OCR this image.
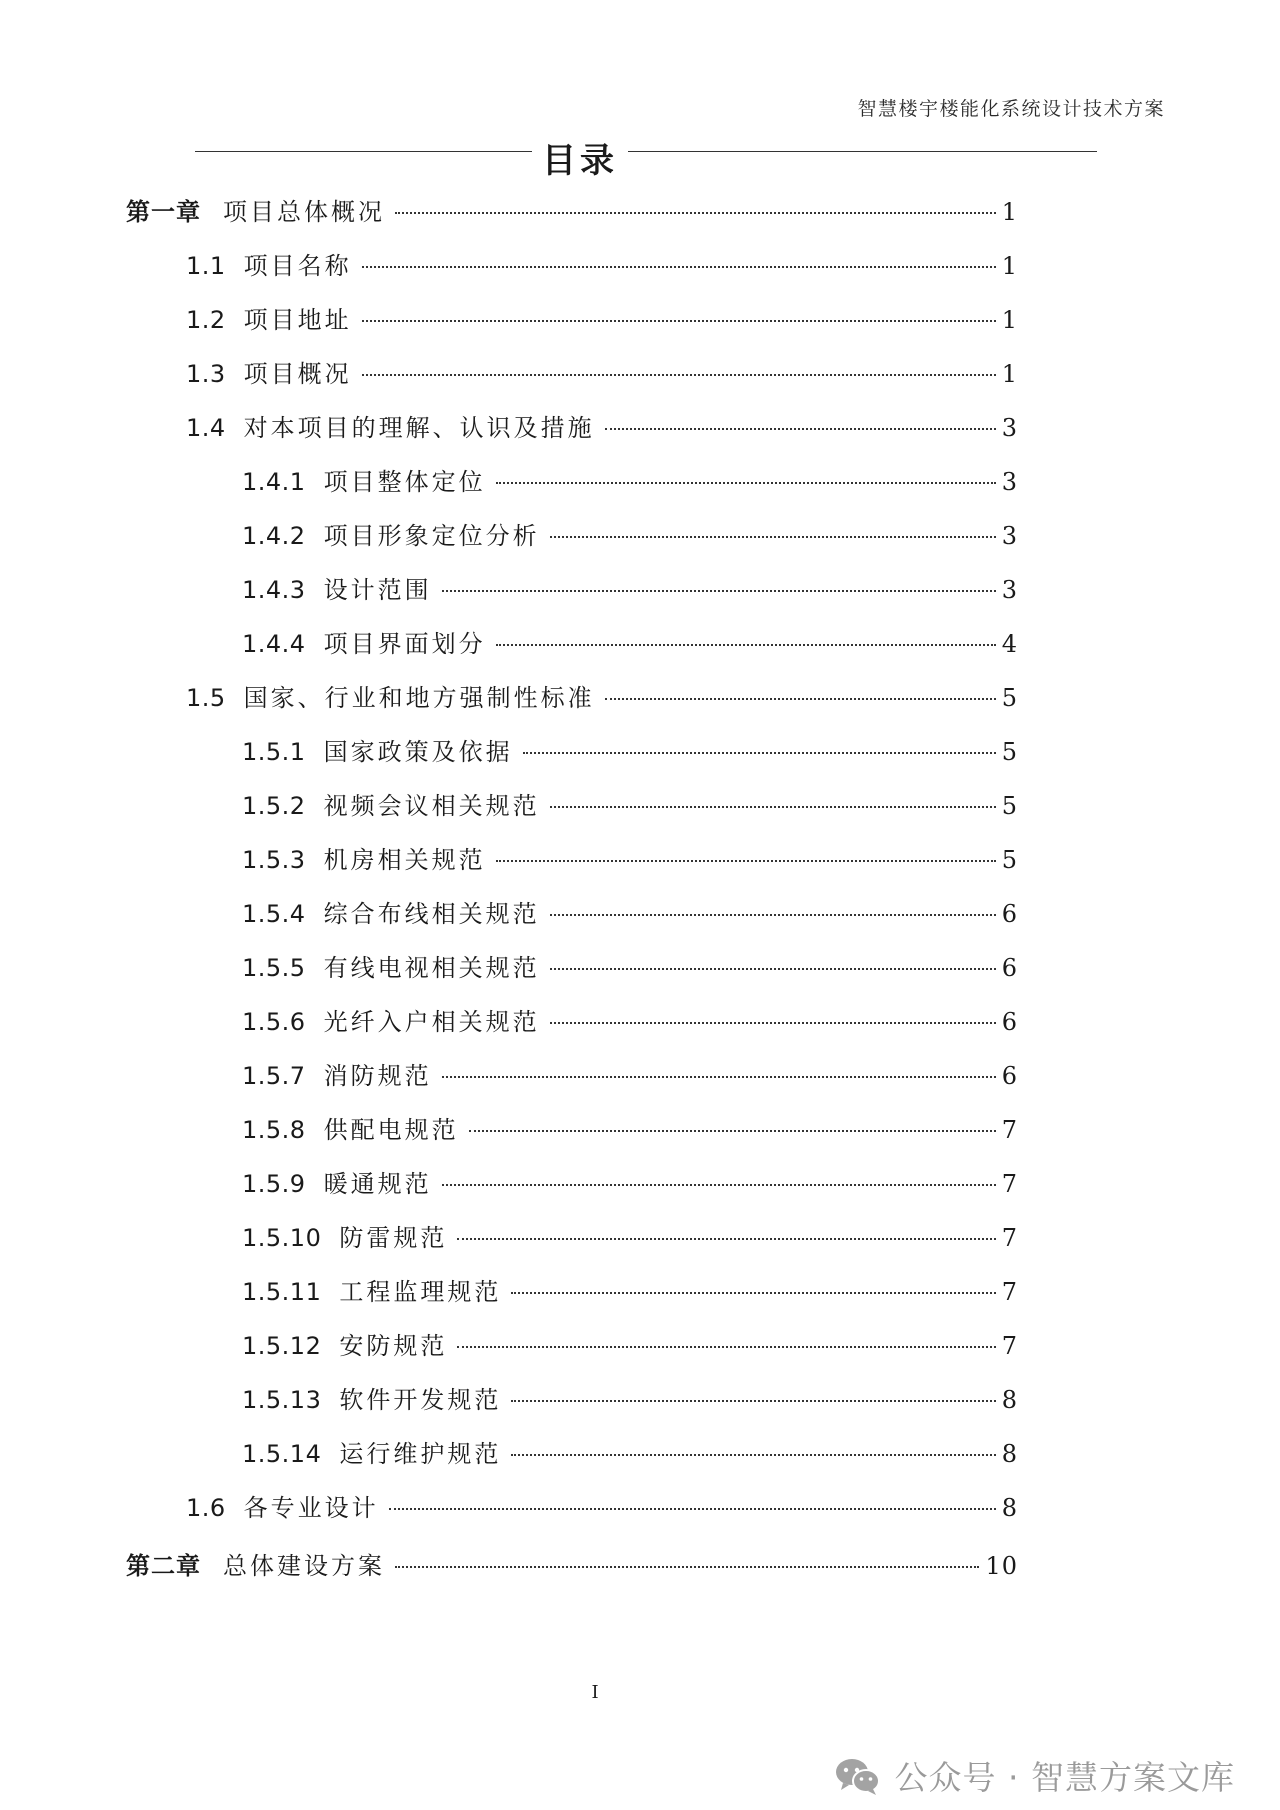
智慧楼宇楼能化系统设计技术方案
目录
第一章 项目总体概况	1
1.1 项目名称	1
1.2 项目地址	1
1.3 项目概况	1
1.4 对本项目的理解、认识及措施	3
1.4.1 项目整体定位	3
1.4.2 项目形象定位分析	3
1.4.3 设计范围	3
1.4.4 项目界面划分	4
1.5 国家、行业和地方强制性标准	5
1.5.1 国家政策及依据	5
1.5.2 视频会议相关规范	5
1.5.3 机房相关规范	5
1.5.4 综合布线相关规范	6
1.5.5 有线电视相关规范	6
1.5.6 光纤入户相关规范	6
1.5.7 消防规范	6
1.5.8 供配电规范	7
1.5.9 暖通规范	7
1.5.10 防雷规范	7
1.5.11 工程监理规范	7
1.5.12 安防规范	7
1.5.13 软件开发规范	8
1.5.14 运行维护规范	8
1.6 各专业设计	8
第二章 总体建设方案	10
I
公众号 · 智慧方案文库
